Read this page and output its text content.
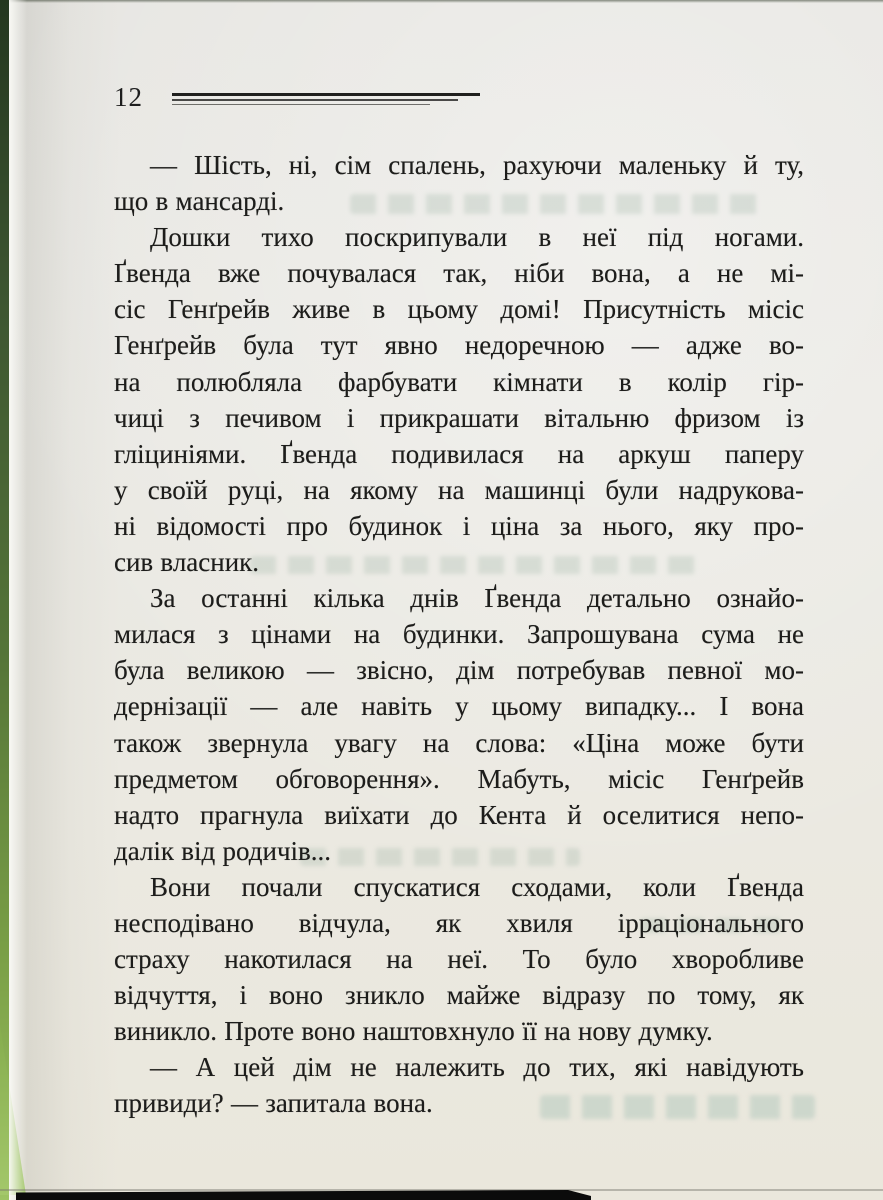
12
— Шість, ні, сім спалень, рахуючи маленьку й ту,
що в мансарді.
Дошки тихо поскрипували в неї під ногами.
Ґвенда вже почувалася так, ніби вона, а не мі-
сіс Генґрейв живе в цьому домі! Присутність місіс
Генґрейв була тут явно недоречною — адже во-
на полюбляла фарбувати кімнати в колір гір-
чиці з печивом і прикрашати вітальню фризом із
гліциніями. Ґвенда подивилася на аркуш паперу
у своїй руці, на якому на машинці були надрукова-
ні відомості про будинок і ціна за нього, яку про-
сив власник.
За останні кілька днів Ґвенда детально ознайо-
милася з цінами на будинки. Запрошувана сума не
була великою — звісно, дім потребував певної мо-
дернізації — але навіть у цьому випадку... І вона
також звернула увагу на слова: «Ціна може бути
предметом обговорення». Мабуть, місіс Генґрейв
надто прагнула виїхати до Кента й оселитися непо-
далік від родичів...
Вони почали спускатися сходами, коли Ґвенда
несподівано відчула, як хвиля ірраціонального
страху накотилася на неї. То було хворобливе
відчуття, і воно зникло майже відразу по тому, як
виникло. Проте воно наштовхнуло її на нову думку.
— А цей дім не належить до тих, які навідують
привиди? — запитала вона.
